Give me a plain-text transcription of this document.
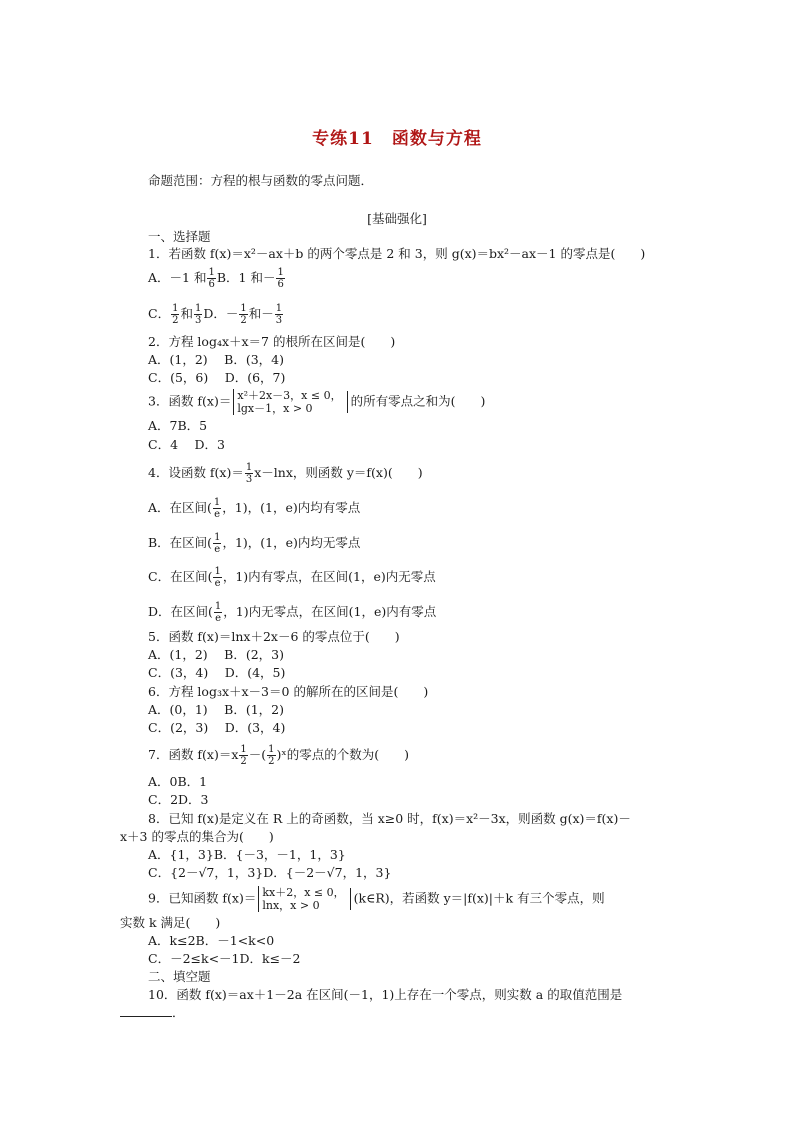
专练11　函数与方程
命题范围：方程的根与函数的零点问题．
[基础强化]
一、选择题
1．若函数 f(x)＝x²－ax＋b 的两个零点是 2 和 3，则 g(x)＝bx²－ax－1 的零点是(　　)
A．－1 和 $\frac{1}{6}$ B．1 和－ $\frac{1}{6}$
C． $\frac{1}{2}$ 和 $\frac{1}{3}$ D．－ $\frac{1}{2}$ 和－ $\frac{1}{3}$
2．方程 log₄x＋x＝7 的根所在区间是(　　)
A．(1，2)　 B．(3，4)
C．(5，6)　 D．(6，7)
3．函数 f(x)＝ x²＋2x－3，x ≤ 0，
lgx－1，x > 0	的所有零点之和为(　　)
A．7B．5
C．4　 D．3
4．设函数 $f(x)= \frac{1}{3} x-\ln x$，则函数 y＝f(x)(　　)
A．在区间( $\frac{1}{e}$ ，1)，(1，e)内均有零点
B．在区间( $\frac{1}{e}$ ，1)，(1，e)内均无零点
C．在区间( $\frac{1}{e}$ ，1)内有零点，在区间(1，e)内无零点
D．在区间( $\frac{1}{e}$ ，1)内无零点，在区间(1，e)内有零点
5．函数 f(x)＝lnx＋2x－6 的零点位于(　　)
A．(1，2)　 B．(2，3)
C．(3，4)　 D．(4，5)
6．方程 log₃x＋x－3＝0 的解所在的区间是(　　)
A．(0，1)　 B．(1，2)
C．(2，3)　 D．(3，4)
7．函数 $f(x)=x \frac{1}{2}$ －( $\frac{1}{2}$ )ˣ的零点的个数为(　　)
A．0B．1
C．2D．3
8．已知 f(x)是定义在 R 上的奇函数，当 x≥0 时，f(x)＝x²－3x，则函数 g(x)＝f(x)－
x＋3 的零点的集合为(　　)
A．{1，3}B．{－3，－1，1，3}
C．{2－√7，1，3}D．{－2－√7，1，3}
9．已知函数 f(x)＝ kx＋2，x ≤ 0，
lnx，x > 0	(k∈R)，若函数 y＝|f(x)|＋k 有三个零点，则
实数 k 满足(　　)
A．k≤2B．－1<k<0
C．－2≤k<－1D．k≤－2
二、填空题
10．函数 f(x)＝ax＋1－2a 在区间(－1，1)上存在一个零点，则实数 a 的取值范围是
．
